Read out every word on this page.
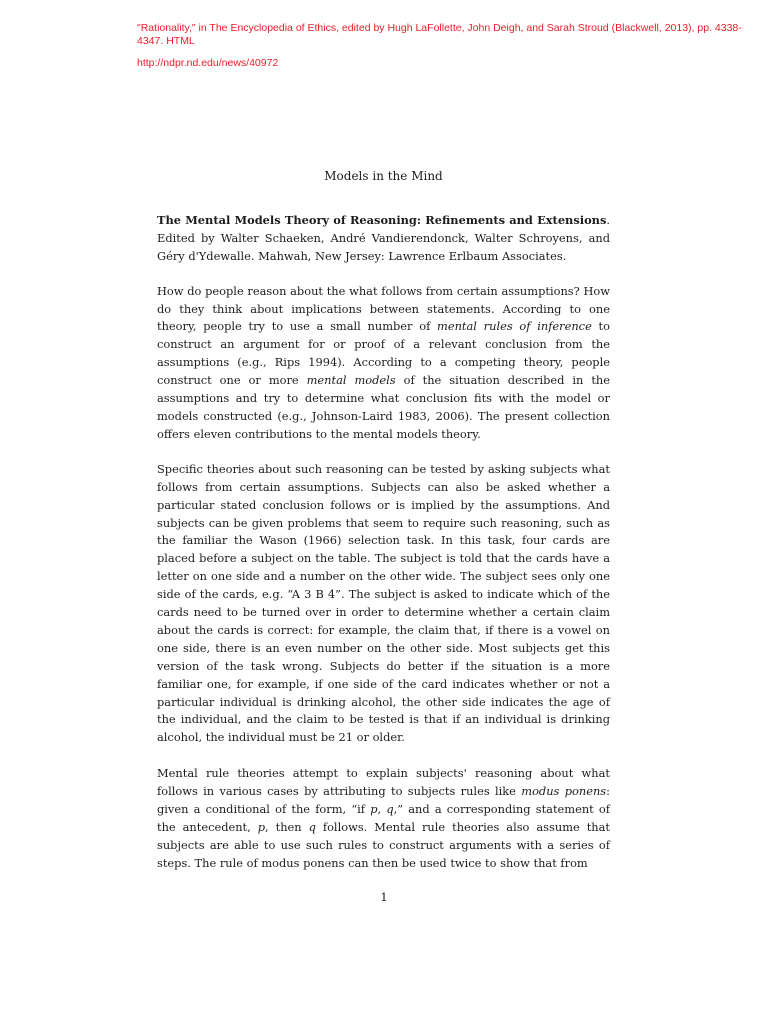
"Rationality," in The Encyclopedia of Ethics, edited by Hugh LaFollette, John Deigh, and Sarah Stroud (Blackwell, 2013), pp. 4338-4347. HTML
http://ndpr.nd.edu/news/40972
Models in the Mind

The Mental Models Theory of Reasoning: Refinements and Extensions. Edited by Walter Schaeken, André Vandierendonck, Walter Schroyens, and Géry d'Ydewalle. Mahwah, New Jersey: Lawrence Erlbaum Associates.

How do people reason about the what follows from certain assumptions? How do they think about implications between statements. According to one theory, people try to use a small number of mental rules of inference to construct an argument for or proof of a relevant conclusion from the assumptions (e.g., Rips 1994). According to a competing theory, people construct one or more mental models of the situation described in the assumptions and try to determine what conclusion fits with the model or models constructed (e.g., Johnson-Laird 1983, 2006). The present collection offers eleven contributions to the mental models theory.

Specific theories about such reasoning can be tested by asking subjects what follows from certain assumptions. Subjects can also be asked whether a particular stated conclusion follows or is implied by the assumptions. And subjects can be given problems that seem to require such reasoning, such as the familiar the Wason (1966) selection task. In this task, four cards are placed before a subject on the table. The subject is told that the cards have a letter on one side and a number on the other wide. The subject sees only one side of the cards, e.g. “A 3 B 4”. The subject is asked to indicate which of the cards need to be turned over in order to determine whether a certain claim about the cards is correct: for example, the claim that, if there is a vowel on one side, there is an even number on the other side. Most subjects get this version of the task wrong. Subjects do better if the situation is a more familiar one, for example, if one side of the card indicates whether or not a particular individual is drinking alcohol, the other side indicates the age of the individual, and the claim to be tested is that if an individual is drinking alcohol, the individual must be 21 or older.

Mental rule theories attempt to explain subjects' reasoning about what follows in various cases by attributing to subjects rules like modus ponens: given a conditional of the form, “if p, q,” and a corresponding statement of the antecedent, p, then q follows. Mental rule theories also assume that subjects are able to use such rules to construct arguments with a series of steps. The rule of modus ponens can then be used twice to show that from

1
